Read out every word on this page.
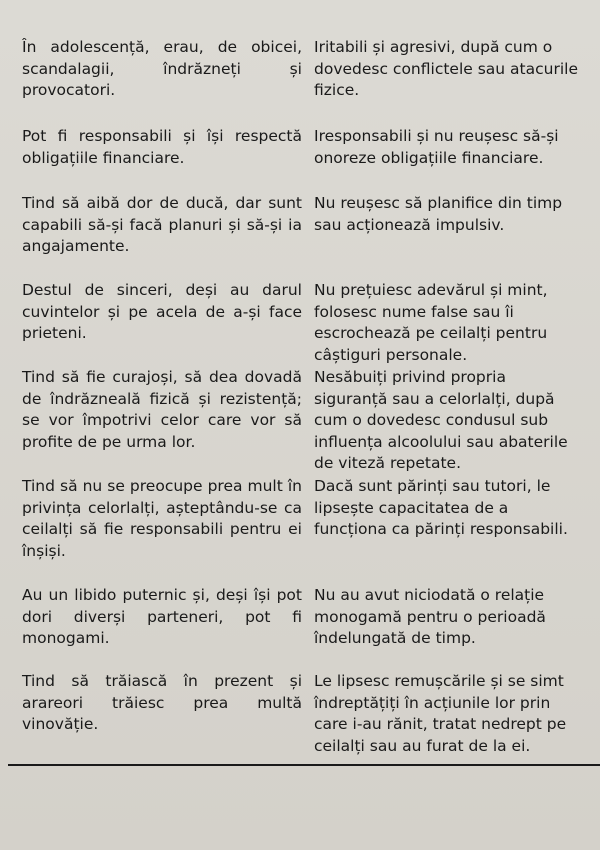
În adolescență, erau, de obicei, scandalagii, îndrăzneți și provocatori.
Iritabili și agresivi, după cum o dovedesc conflictele sau atacurile fizice.
Pot fi responsabili și își respectă obligațiile financiare.
Iresponsabili și nu reușesc să-și onoreze obligațiile financiare.
Tind să aibă dor de ducă, dar sunt capabili să-și facă planuri și să-și ia angajamente.
Nu reușesc să planifice din timp sau acționează impulsiv.
Destul de sinceri, deși au darul cuvintelor și pe acela de a-și face prieteni.
Nu prețuiesc adevărul și mint, folosesc nume false sau îi escrochează pe ceilalți pentru câștiguri personale.
Tind să fie curajoși, să dea dovadă de îndrăzneală fizică și rezistență; se vor împotrivi celor care vor să profite de pe urma lor.
Nesăbuiți privind propria siguranță sau a celorlalți, după cum o dovedesc condusul sub influența alcoolului sau abaterile de viteză repetate.
Tind să nu se preocupe prea mult în privința celorlalți, așteptându-se ca ceilalți să fie responsabili pentru ei înșiși.
Dacă sunt părinți sau tutori, le lipsește capacitatea de a funcționa ca părinți responsabili.
Au un libido puternic și, deși își pot dori diverși parteneri, pot fi monogami.
Nu au avut niciodată o relație monogamă pentru o perioadă îndelungată de timp.
Tind să trăiască în prezent și arareori trăiesc prea multă vinovăție.
Le lipsesc remușcările și se simt îndreptățiți în acțiunile lor prin care i-au rănit, tratat nedrept pe ceilalți sau au furat de la ei.
